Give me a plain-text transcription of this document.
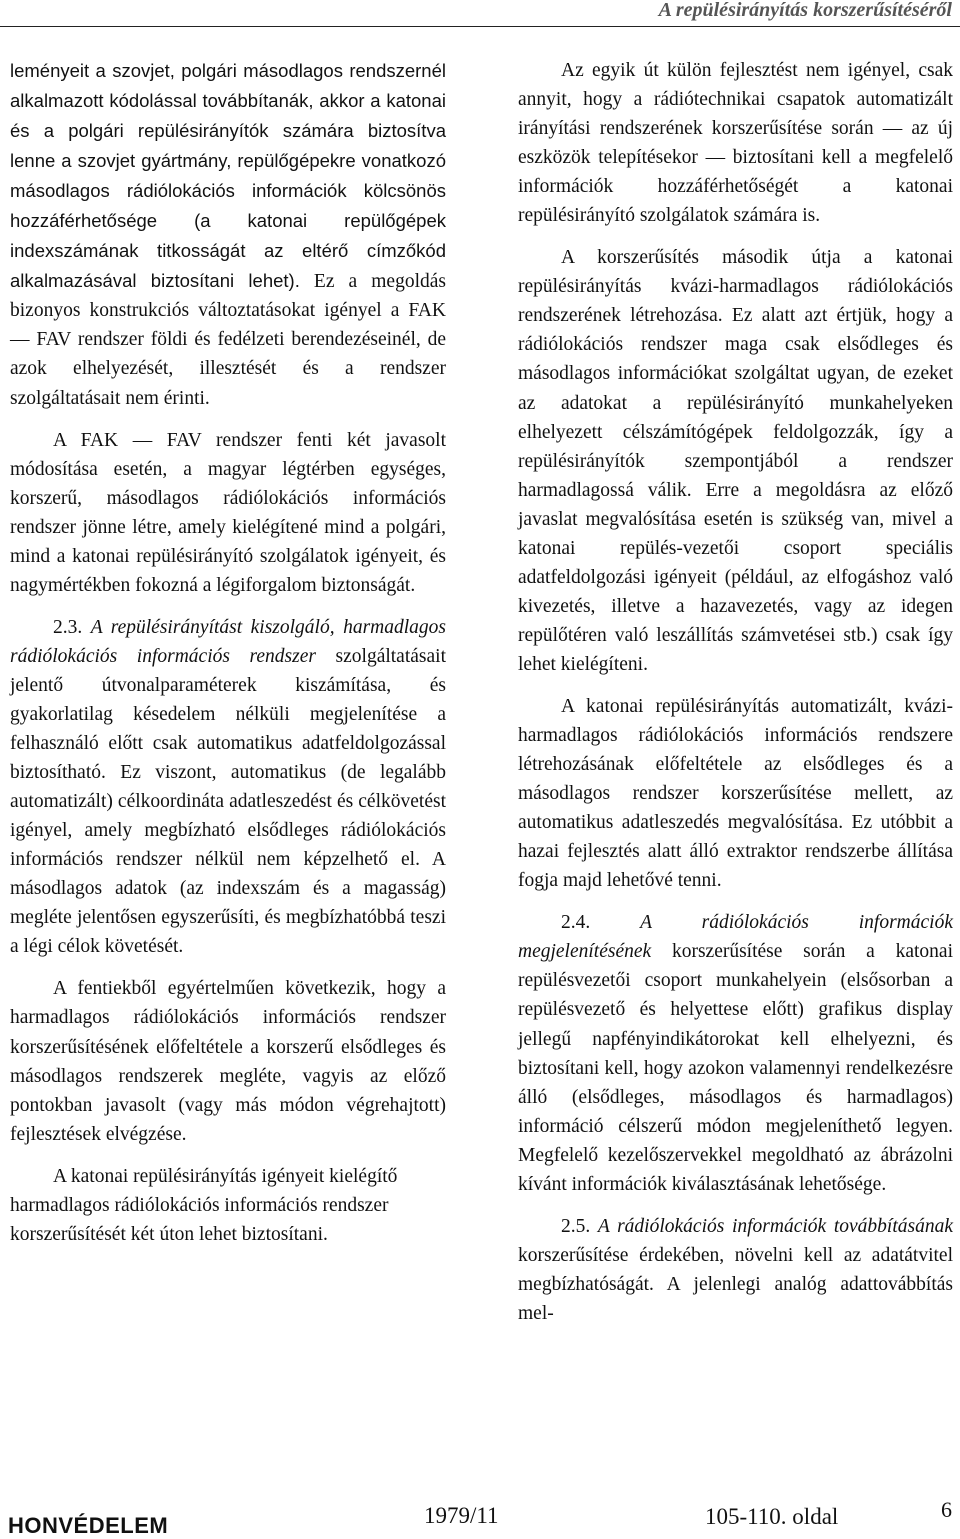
A repülésirányítás korszerűsítéséről

leményeit a szovjet, polgári másodlagos rendszernél alkalmazott kódolással továbbítanák, akkor a katonai és a polgári repülésirányítók számára biztosítva lenne a szovjet gyártmány, repülőgépekre vonatkozó másodlagos rádiólokációs információk kölcsönös hozzáférhetősége (a katonai repülőgépek indexszámának titkosságát az eltérő címzőkód alkalmazásával biztosítani lehet). Ez a megoldás bizonyos konstrukciós változtatásokat igényel a FAK — FAV rendszer földi és fedélzeti berendezéseinél, de azok elhelyezését, illesztését és a rendszer szolgáltatásait nem érinti.

A FAK — FAV rendszer fenti két javasolt módosítása esetén, a magyar légtérben egységes, korszerű, másodlagos rádiólokációs információs rendszer jönne létre, amely kielégítené mind a polgári, mind a katonai repülésirányító szolgálatok igényeit, és nagymértékben fokozná a légiforgalom biztonságát.

2.3. A repülésirányítást kiszolgáló, harmadlagos rádiólokációs információs rendszer szolgáltatásait jelentő útvonalparaméterek kiszámítása, és gyakorlatilag késedelem nélküli megjelenítése a felhasználó előtt csak automatikus adatfeldolgozással biztosítható. Ez viszont, automatikus (de legalább automatizált) célkoordináta adatleszedést és célkövetést igényel, amely megbízható elsődleges rádiólokációs információs rendszer nélkül nem képzelhető el. A másodlagos adatok (az indexszám és a magasság) megléte jelentősen egyszerűsíti, és megbízhatóbbá teszi a légi célok követését.

A fentiekből egyértelműen következik, hogy a harmadlagos rádiólokációs információs rendszer korszerűsítésének előfeltétele a korszerű elsődleges és másodlagos rendszerek megléte, vagyis az előző pontokban javasolt (vagy más módon végrehajtott) fejlesztések elvégzése.

A katonai repülésirányítás igényeit kielégítő harmadlagos rádiólokációs információs rendszer korszerűsítését két úton lehet biztosítani.

Az egyik út külön fejlesztést nem igényel, csak annyit, hogy a rádiótechnikai csapatok automatizált irányítási rendszerének korszerűsítése során — az új eszközök telepítésekor — biztosítani kell a megfelelő információk hozzáférhetőségét a katonai repülésirányító szolgálatok számára is.

A korszerűsítés második útja a katonai repülésirányítás kvázi-harmadlagos rádiólokációs rendszerének létrehozása. Ez alatt azt értjük, hogy a rádiólokációs rendszer maga csak elsődleges és másodlagos információkat szolgáltat ugyan, de ezeket az adatokat a repülésirányító munkahelyeken elhelyezett célszámítógépek feldolgozzák, így a repülésirányítók szempontjából a rendszer harmadlagossá válik. Erre a megoldásra az előző javaslat megvalósítása esetén is szükség van, mivel a katonai repülés-vezetői csoport speciális adatfeldolgozási igényeit (például, az elfogáshoz való kivezetés, illetve a hazavezetés, vagy az idegen repülőtéren való leszállítás számvetései stb.) csak így lehet kielégíteni.

A katonai repülésirányítás automatizált, kvázi-harmadlagos rádiólokációs információs rendszere létrehozásának előfeltétele az elsődleges és a másodlagos rendszer korszerűsítése mellett, az automatikus adatleszedés megvalósítása. Ez utóbbit a hazai fejlesztés alatt álló extraktor rendszerbe állítása fogja majd lehetővé tenni.

2.4.	A rádiólokációs információk megjelenítésének korszerűsítése során a katonai repülésvezetői csoport munkahelyein (elsősorban a repülésvezető és helyettese előtt) grafikus display jellegű napfényindikátorokat kell elhelyezni, és biztosítani kell, hogy azokon valamennyi rendelkezésre álló (elsődleges, másodlagos és harmadlagos) információ célszerű módon megjeleníthető legyen. Megfelelő kezelőszervekkel megoldható az ábrázolni kívánt információk kiválasztásának lehetősége.

2.5. A rádiólokációs információk továbbításának korszerűsítése érdekében, növelni kell az adatátvitel megbízhatóságát. A jelenlegi analóg adattovábbítás mel-

HONVÉDELEM	1979/11	105-110. oldal	6
